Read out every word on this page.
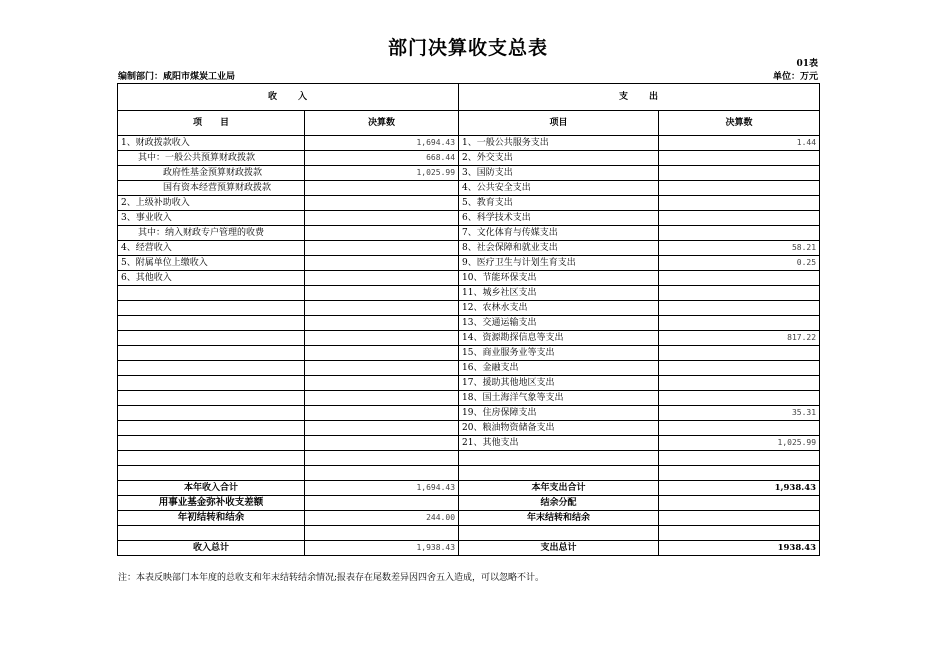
部门决算收支总表
01表
编制部门：咸阳市煤炭工业局	单位：万元
收　　入		支　　出	
项　　目	决算数	项目	决算数
1、财政拨款收入	1,694.43	1、一般公共服务支出	1.44
其中：一般公共预算财政拨款	668.44	2、外交支出	
政府性基金预算财政拨款	1,025.99	3、国防支出	
国有资本经营预算财政拨款		4、公共安全支出	
2、上级补助收入		5、教育支出	
3、事业收入		6、科学技术支出	
其中：纳入财政专户管理的收费		7、文化体育与传媒支出	
4、经营收入		8、社会保障和就业支出	58.21
5、附属单位上缴收入		9、医疗卫生与计划生育支出	0.25
6、其他收入		10、节能环保支出	
		11、城乡社区支出	
		12、农林水支出	
		13、交通运输支出	
		14、资源勘探信息等支出	817.22
		15、商业服务业等支出	
		16、金融支出	
		17、援助其他地区支出	
		18、国土海洋气象等支出	
		19、住房保障支出	35.31
		20、粮油物资储备支出	
		21、其他支出	1,025.99

本年收入合计	1,694.43	本年支出合计	1,938.43
用事业基金弥补收支差额		结余分配	
年初结转和结余	244.00	年末结转和结余	

收入总计	1,938.43	支出总计	1938.43
注：本表反映部门本年度的总收支和年末结转结余情况;报表存在尾数差异因四舍五入造成，可以忽略不计。
